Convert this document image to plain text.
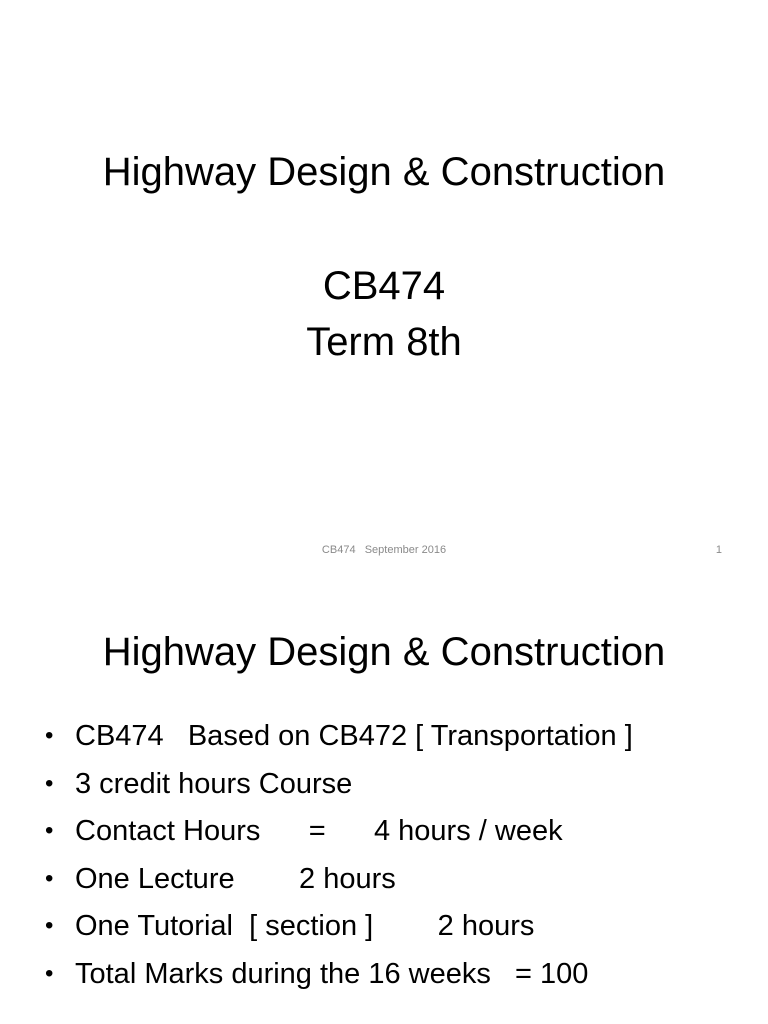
Highway Design & Construction
CB474
Term 8th
CB474   September 2016	1
Highway Design & Construction

•

CB474   Based on CB472 [ Transportation ]

•

3 credit hours Course

•

Contact Hours      =      4 hours / week

•

One Lecture        2 hours

•

One Tutorial  [ section ]        2 hours

•

Total Marks during the 16 weeks   = 100
